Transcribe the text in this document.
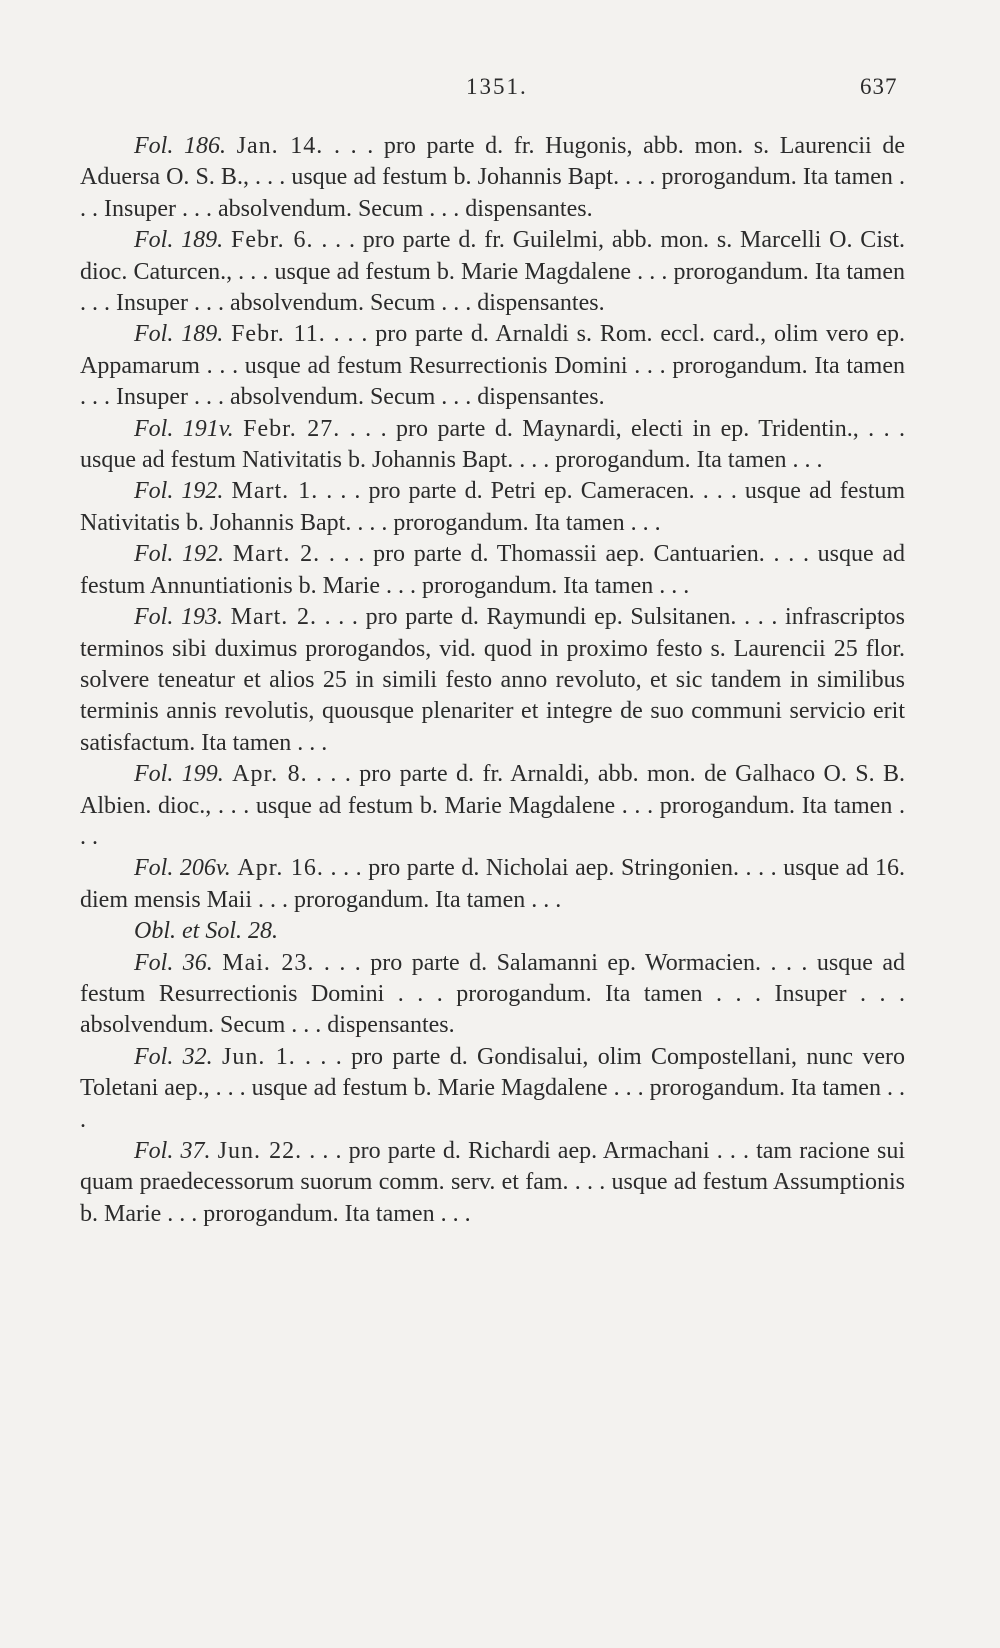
1351.	637

Fol. 186. Jan. 14. . . . pro parte d. fr. Hugonis, abb. mon. s. Laurencii de Aduersa O. S. B., . . . usque ad festum b. Johannis Bapt. . . . prorogandum. Ita tamen . . . Insuper . . . absolvendum. Secum . . . dispensantes.

Fol. 189. Febr. 6. . . . pro parte d. fr. Guilelmi, abb. mon. s. Marcelli O. Cist. dioc. Caturcen., . . . usque ad festum b. Marie Magdalene . . . prorogandum. Ita tamen . . . Insuper . . . absolvendum. Secum . . . dispensantes.

Fol. 189. Febr. 11. . . . pro parte d. Arnaldi s. Rom. eccl. card., olim vero ep. Appamarum . . . usque ad festum Resurrectionis Domini . . . prorogandum. Ita tamen . . . Insuper . . . absolvendum. Secum . . . dispensantes.

Fol. 191v. Febr. 27. . . . pro parte d. Maynardi, electi in ep. Tridentin., . . . usque ad festum Nativitatis b. Johannis Bapt. . . . prorogandum. Ita tamen . . .

Fol. 192. Mart. 1. . . . pro parte d. Petri ep. Cameracen. . . . usque ad festum Nativitatis b. Johannis Bapt. . . . prorogandum. Ita tamen . . .

Fol. 192. Mart. 2. . . . pro parte d. Thomassii aep. Cantuarien. . . . usque ad festum Annuntiationis b. Marie . . . prorogandum. Ita tamen . . .

Fol. 193. Mart. 2. . . . pro parte d. Raymundi ep. Sulsitanen. . . . infrascriptos terminos sibi duximus prorogandos, vid. quod in proximo festo s. Laurencii 25 flor. solvere teneatur et alios 25 in simili festo anno revoluto, et sic tandem in similibus terminis annis revolutis, quousque plenariter et integre de suo communi servicio erit satisfactum. Ita tamen . . .

Fol. 199. Apr. 8. . . . pro parte d. fr. Arnaldi, abb. mon. de Galhaco O. S. B. Albien. dioc., . . . usque ad festum b. Marie Magdalene . . . prorogandum. Ita tamen . . .

Fol. 206v. Apr. 16. . . . pro parte d. Nicholai aep. Stringonien. . . . usque ad 16. diem mensis Maii . . . prorogandum. Ita tamen . . .

Obl. et Sol. 28.

Fol. 36. Mai. 23. . . . pro parte d. Salamanni ep. Wormacien. . . . usque ad festum Resurrectionis Domini . . . prorogandum. Ita tamen . . . Insuper . . . absolvendum. Secum . . . dispensantes.

Fol. 32. Jun. 1. . . . pro parte d. Gondisalui, olim Compostellani, nunc vero Toletani aep., . . . usque ad festum b. Marie Magdalene . . . prorogandum. Ita tamen . . .

Fol. 37. Jun. 22. . . . pro parte d. Richardi aep. Armachani . . . tam racione sui quam praedecessorum suorum comm. serv. et fam. . . . usque ad festum Assumptionis b. Marie . . . prorogandum. Ita tamen . . .
